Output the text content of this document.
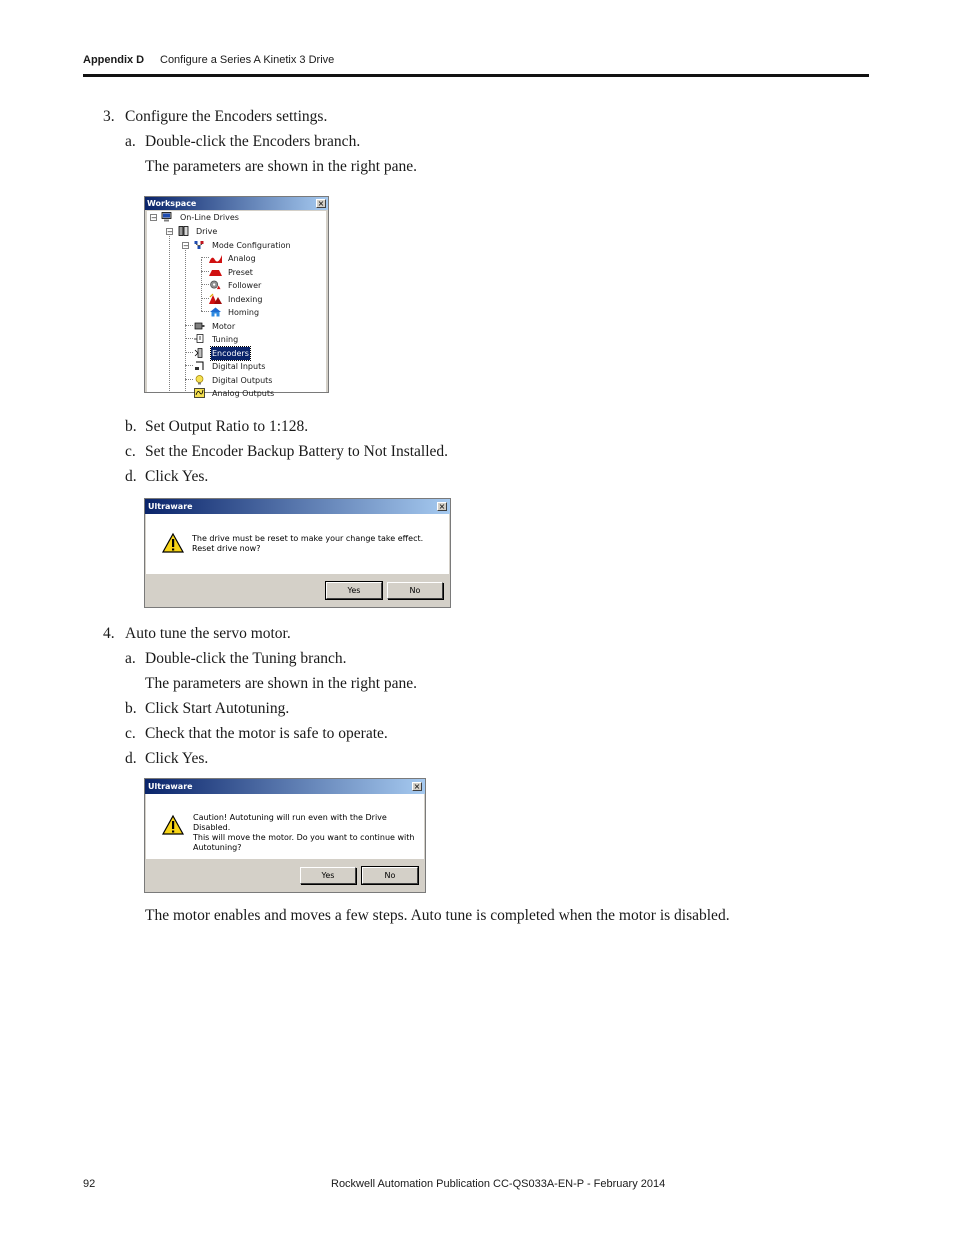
Appendix D Configure a Series A Kinetix 3 Drive
3. Configure the Encoders settings.
a. Double-click the Encoders branch.
The parameters are shown in the right pane.
Workspace	×
−	On-Line Drives
−	Drive
−	Mode Configuration
Analog
Preset
Follower
Indexing
Homing
Motor
Tuning
Encoders
Digital Inputs
Digital Outputs
Analog Outputs
b. Set Output Ratio to 1:128.
c. Set the Encoder Backup Battery to Not Installed.
d. Click Yes.
Ultraware	×
The drive must be reset to make your change take effect. Reset drive now?
Yes	No
4. Auto tune the servo motor.
a. Double-click the Tuning branch.
The parameters are shown in the right pane.
b. Click Start Autotuning.
c. Check that the motor is safe to operate.
d. Click Yes.
Ultraware	×
Caution! Autotuning will run even with the Drive Disabled.
This will move the motor. Do you want to continue with
Autotuning?
Yes	No
The motor enables and moves a few steps. Auto tune is completed when the motor is disabled.
92	Rockwell Automation Publication CC-QS033A-EN-P - February 2014
